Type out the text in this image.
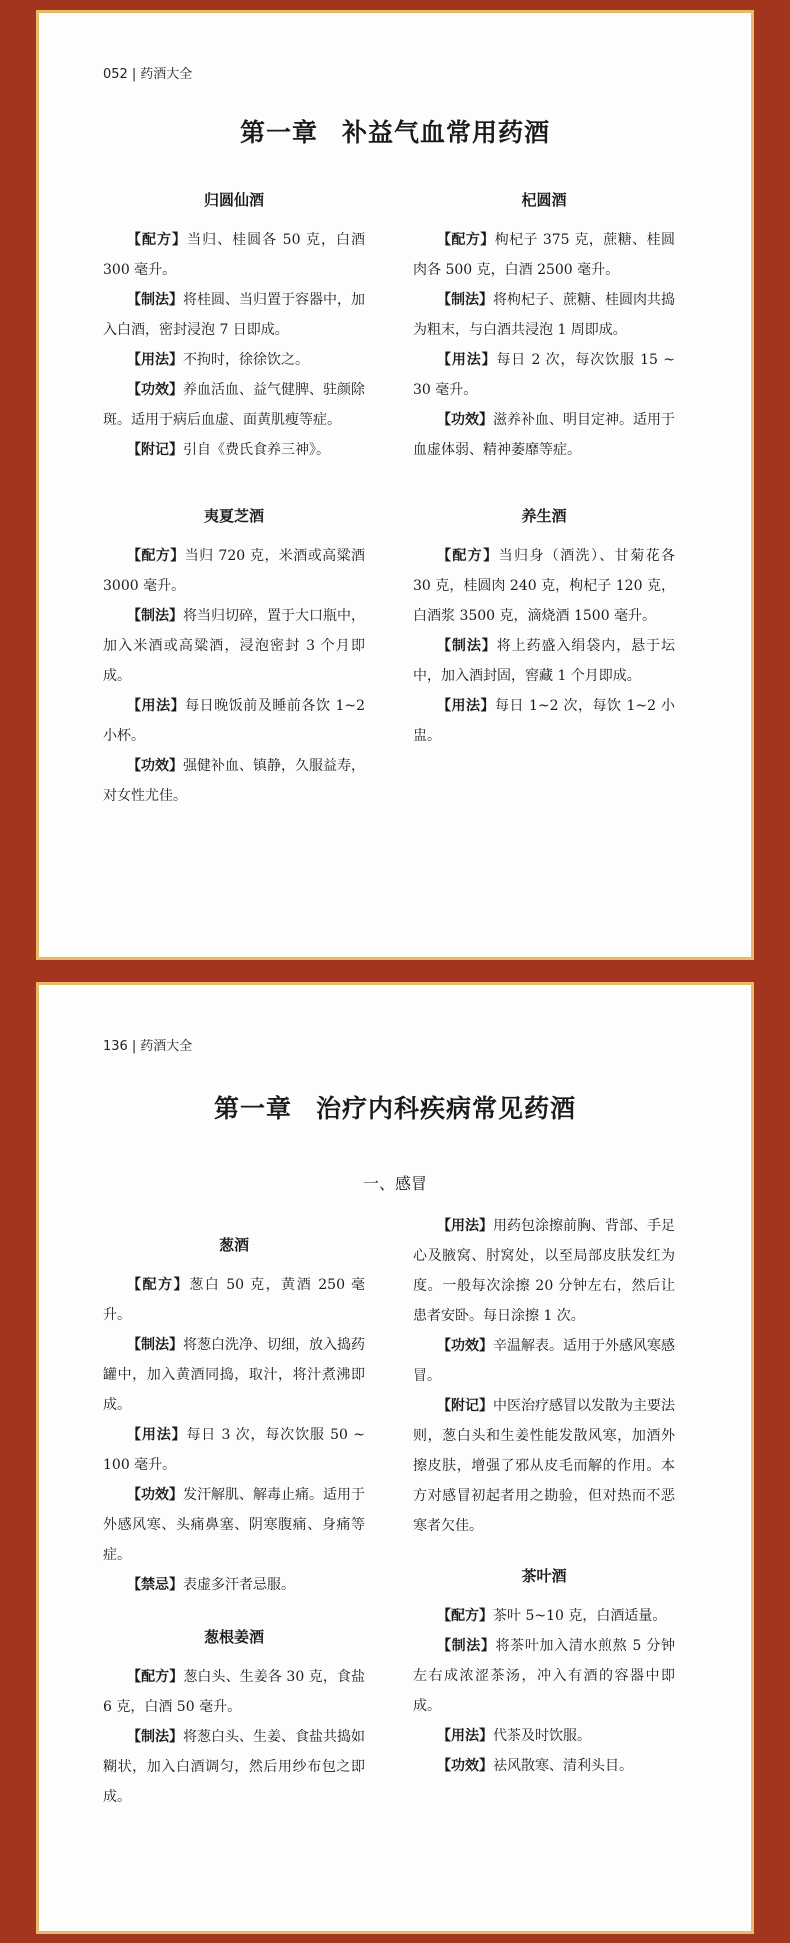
052 | 药酒大全
第一章 补益气血常用药酒
归圆仙酒

【配方】当归、桂圆各 50 克，白酒 300 毫升。

【制法】将桂圆、当归置于容器中，加入白酒，密封浸泡 7 日即成。

【用法】不拘时，徐徐饮之。

【功效】养血活血、益气健脾、驻颜除斑。适用于病后血虚、面黄肌瘦等症。

【附记】引自《费氏食养三神》。

夷夏芝酒

【配方】当归 720 克，米酒或高粱酒 3000 毫升。

【制法】将当归切碎，置于大口瓶中，加入米酒或高粱酒，浸泡密封 3 个月即成。

【用法】每日晚饭前及睡前各饮 1~2 小杯。

【功效】强健补血、镇静，久服益寿，对女性尤佳。

杞圆酒

【配方】枸杞子 375 克，蔗糖、桂圆肉各 500 克，白酒 2500 毫升。

【制法】将枸杞子、蔗糖、桂圆肉共捣为粗末，与白酒共浸泡 1 周即成。

【用法】每日 2 次，每次饮服 15 ~ 30 毫升。

【功效】滋养补血、明目定神。适用于血虚体弱、精神萎靡等症。

养生酒

【配方】当归身（酒洗）、甘菊花各 30 克，桂圆肉 240 克，枸杞子 120 克，白酒浆 3500 克，滴烧酒 1500 毫升。

【制法】将上药盛入绢袋内，悬于坛中，加入酒封固，窖藏 1 个月即成。

【用法】每日 1~2 次，每饮 1~2 小盅。

136 | 药酒大全
第一章 治疗内科疾病常见药酒
一、感冒
葱酒

【配方】葱白 50 克，黄酒 250 毫升。

【制法】将葱白洗净、切细，放入捣药罐中，加入黄酒同捣，取汁，将汁煮沸即成。

【用法】每日 3 次，每次饮服 50 ~ 100 毫升。

【功效】发汗解肌、解毒止痛。适用于外感风寒、头痛鼻塞、阴寒腹痛、身痛等症。

【禁忌】表虚多汗者忌服。

葱根姜酒

【配方】葱白头、生姜各 30 克，食盐 6 克，白酒 50 毫升。

【制法】将葱白头、生姜、食盐共捣如糊状，加入白酒调匀，然后用纱布包之即成。

【用法】用药包涂擦前胸、背部、手足心及腋窝、肘窝处，以至局部皮肤发红为度。一般每次涂擦 20 分钟左右，然后让患者安卧。每日涂擦 1 次。

【功效】辛温解表。适用于外感风寒感冒。

【附记】中医治疗感冒以发散为主要法则，葱白头和生姜性能发散风寒，加酒外擦皮肤，增强了邪从皮毛而解的作用。本方对感冒初起者用之勘验，但对热而不恶寒者欠佳。

茶叶酒

【配方】茶叶 5~10 克，白酒适量。

【制法】将茶叶加入清水煎熬 5 分钟左右成浓涩茶汤，冲入有酒的容器中即成。

【用法】代茶及时饮服。

【功效】祛风散寒、清利头目。
